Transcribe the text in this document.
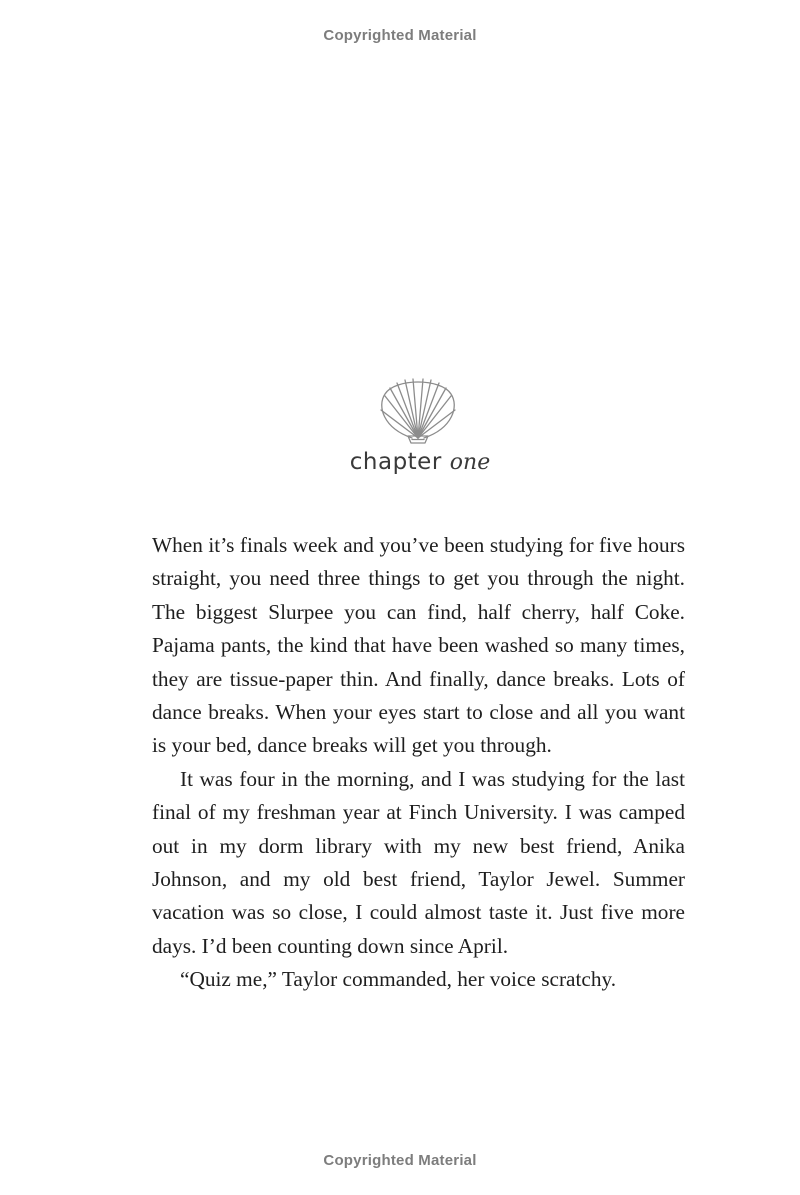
Copyrighted Material
chapter one

When it’s finals week and you’ve been studying for five hours straight, you need three things to get you through the night. The biggest Slurpee you can find, half cherry, half Coke. Pajama pants, the kind that have been washed so many times, they are tissue-paper thin. And finally, dance breaks. Lots of dance breaks. When your eyes start to close and all you want is your bed, dance breaks will get you through.

It was four in the morning, and I was studying for the last final of my freshman year at Finch University. I was camped out in my dorm library with my new best friend, Anika Johnson, and my old best friend, Taylor Jewel. Summer vacation was so close, I could almost taste it. Just five more days. I’d been counting down since April.

“Quiz me,” Taylor commanded, her voice scratchy.

Copyrighted Material
